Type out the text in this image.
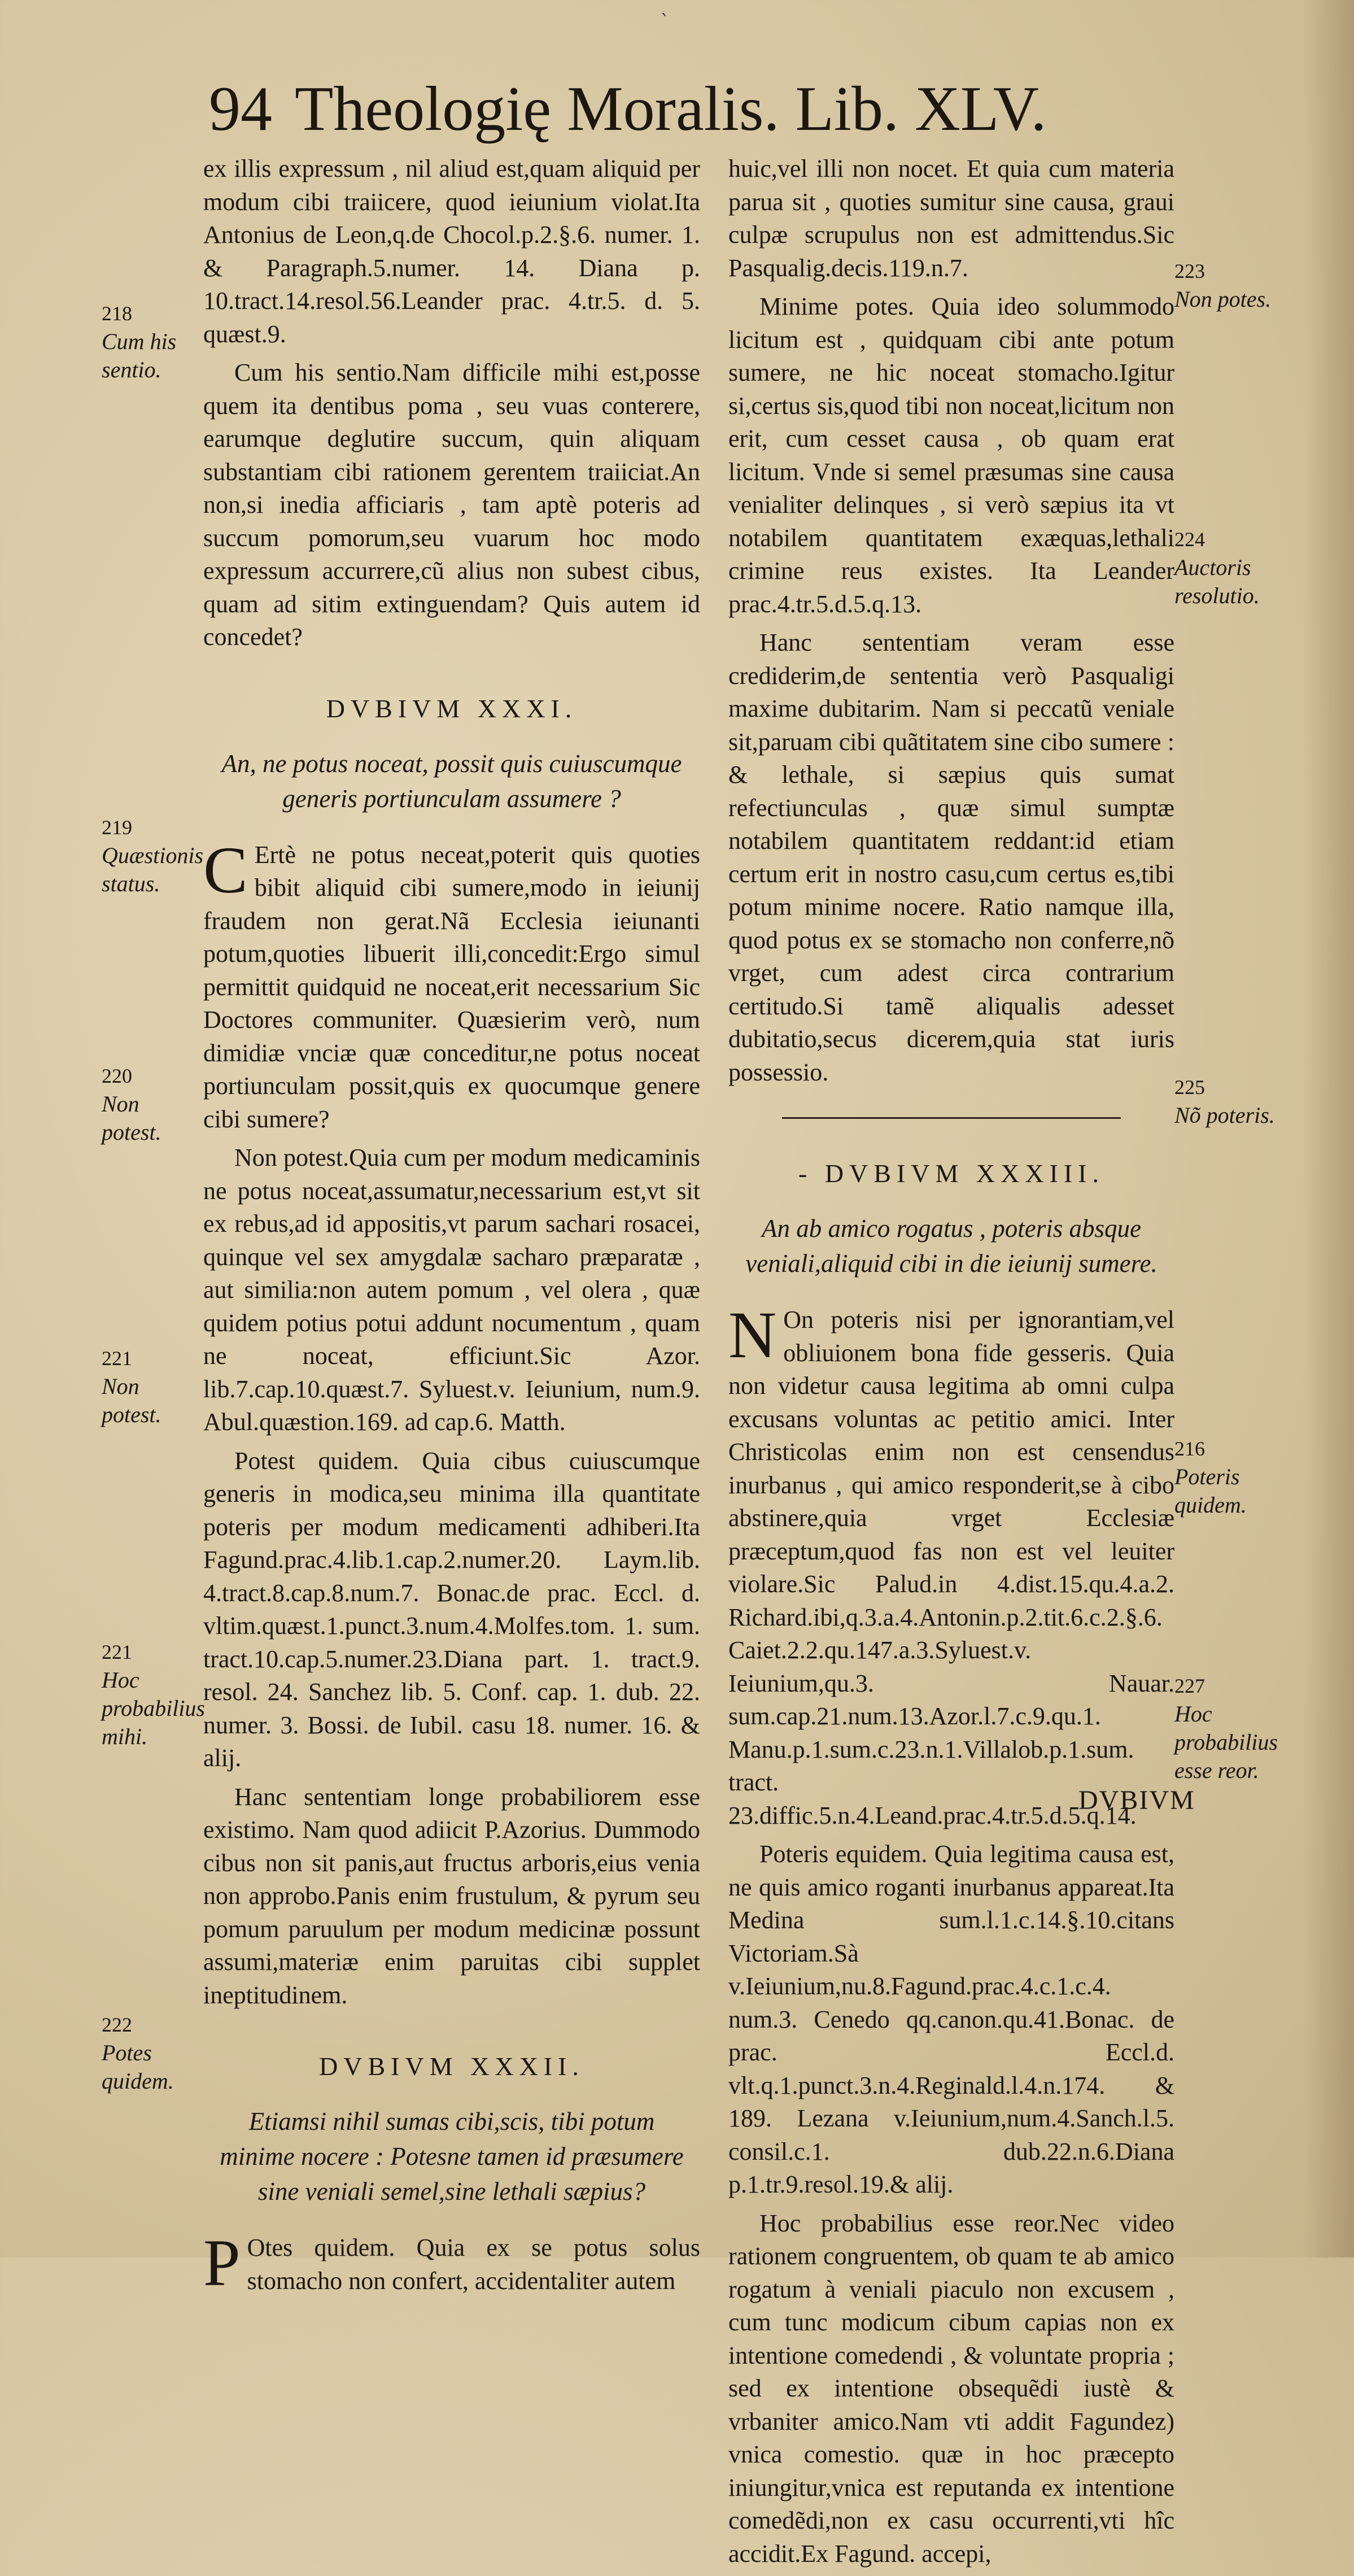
ˋ
94 Theologię Moralis. Lib. XLV.

ex illis expressum , nil aliud est,quam aliquid per modum cibi traiicere, quod ieiunium violat.Ita Antonius de Leon,q.de Chocol.p.2.§.6. numer. 1. & Paragraph.5.numer. 14. Diana p. 10.tract.14.resol.56.Leander prac. 4.tr.5. d. 5. quæst.9.

Cum his sentio.Nam difficile mihi est,posse quem ita dentibus poma , seu vuas conterere, earumque deglutire succum, quin aliquam substantiam cibi rationem gerentem traiiciat.An non,si inedia afficiaris , tam aptè poteris ad succum pomorum,seu vuarum hoc modo expressum accurrere,cũ alius non subest cibus, quam ad sitim extinguendam? Quis autem id concedet?

DVBIVM XXXI.
An, ne potus noceat, possit quis cuiuscumque generis portiunculam assumere ?

C Ertè ne potus neceat,poterit quis quoties bibit aliquid cibi sumere,modo in ieiunij fraudem non gerat.Nã Ecclesia ieiunanti potum,quoties libuerit illi,concedit:Ergo simul permittit quidquid ne noceat,erit necessarium Sic Doctores communiter. Quæsierim verò, num dimidiæ vnciæ quæ conceditur,ne potus noceat portiunculam possit,quis ex quocumque genere cibi sumere?

Non potest.Quia cum per modum medicaminis ne potus noceat,assumatur,necessarium est,vt sit ex rebus,ad id appositis,vt parum sachari rosacei, quinque vel sex amygdalæ sacharo præparatæ , aut similia:non autem pomum , vel olera , quæ quidem potius potui addunt nocumentum , quam ne noceat, efficiunt.Sic Azor. lib.7.cap.10.quæst.7. Syluest.v. Ieiunium, num.9. Abul.quæstion.169. ad cap.6. Matth.

Potest quidem. Quia cibus cuiuscumque generis in modica,seu minima illa quantitate poteris per modum medicamenti adhiberi.Ita Fagund.prac.4.lib.1.cap.2.numer.20. Laym.lib. 4.tract.8.cap.8.num.7. Bonac.de prac. Eccl. d. vltim.quæst.1.punct.3.num.4.Molfes.tom. 1. sum. tract.10.cap.5.numer.23.Diana part. 1. tract.9. resol. 24. Sanchez lib. 5. Conf. cap. 1. dub. 22. numer. 3. Bossi. de Iubil. casu 18. numer. 16. & alij.

Hanc sententiam longe probabiliorem esse existimo. Nam quod adiicit P.Azorius. Dummodo cibus non sit panis,aut fructus arboris,eius venia non approbo.Panis enim frustulum, & pyrum seu pomum paruulum per modum medicinæ possunt assumi,materiæ enim paruitas cibi supplet ineptitudinem.

DVBIVM XXXII.
Etiamsi nihil sumas cibi,scis, tibi potum minime nocere : Potesne tamen id præsumere sine veniali semel,sine lethali sæpius?

P Otes quidem. Quia ex se potus solus stomacho non confert, accidentaliter autem

huic,vel illi non nocet. Et quia cum materia parua sit , quoties sumitur sine causa, graui culpæ scrupulus non est admittendus.Sic Pasqualig.decis.119.n.7.

Minime potes. Quia ideo solummodo licitum est , quidquam cibi ante potum sumere, ne hic noceat stomacho.Igitur si,certus sis,quod tibi non noceat,licitum non erit, cum cesset causa , ob quam erat licitum. Vnde si semel præsumas sine causa venialiter delinques , si verò sæpius ita vt notabilem quantitatem exæquas,lethali crimine reus existes. Ita Leander prac.4.tr.5.d.5.q.13.

Hanc sententiam veram esse crediderim,de sententia verò Pasqualigi maxime dubitarim. Nam si peccatũ veniale sit,paruam cibi quãtitatem sine cibo sumere : & lethale, si sæpius quis sumat refectiunculas , quæ simul sumptæ notabilem quantitatem reddant:id etiam certum erit in nostro casu,cum certus es,tibi potum minime nocere. Ratio namque illa, quod potus ex se stomacho non conferre,nõ vrget, cum adest circa contrarium certitudo.Si tamẽ aliqualis adesset dubitatio,secus dicerem,quia stat iuris possessio.

- DVBIVM XXXIII.
An ab amico rogatus , poteris absque veniali,aliquid cibi in die ieiunij sumere.

N On poteris nisi per ignorantiam,vel obliuionem bona fide gesseris. Quia non videtur causa legitima ab omni culpa excusans voluntas ac petitio amici. Inter Christicolas enim non est censendus inurbanus , qui amico responderit,se à cibo abstinere,quia vrget Ecclesiæ præceptum,quod fas non est vel leuiter violare.Sic Palud.in 4.dist.15.qu.4.a.2. Richard.ibi,q.3.a.4.Antonin.p.2.tit.6.c.2.§.6. Caiet.2.2.qu.147.a.3.Syluest.v. Ieiunium,qu.3. Nauar. sum.cap.21.num.13.Azor.l.7.c.9.qu.1. Manu.p.1.sum.c.23.n.1.Villalob.p.1.sum. tract. 23.diffic.5.n.4.Leand.prac.4.tr.5.d.5.q.14.

Poteris equidem. Quia legitima causa est, ne quis amico roganti inurbanus appareat.Ita Medina sum.l.1.c.14.§.10.citans Victoriam.Sà v.Ieiunium,nu.8.Fagund.prac.4.c.1.c.4. num.3. Cenedo qq.canon.qu.41.Bonac. de prac. Eccl.d. vlt.q.1.punct.3.n.4.Reginald.l.4.n.174. & 189. Lezana v.Ieiunium,num.4.Sanch.l.5. consil.c.1. dub.22.n.6.Diana p.1.tr.9.resol.19.& alij.

Hoc probabilius esse reor.Nec video rationem congruentem, ob quam te ab amico rogatum à veniali piaculo non excusem , cum tunc modicum cibum capias non ex intentione comedendi , & voluntate propria ; sed ex intentione obsequẽdi iustè & vrbaniter amico.Nam vti addit Fagundez) vnica comestio. quæ in hoc præcepto iniungitur,vnica est reputanda ex intentione comedẽdi,non ex casu occurrenti,vti hîc accidit.Ex Fagund. accepi,

218
Cum his sentio.
219
Quæstionis status.
220
Non potest.
221
Non potest.
221
Hoc probabilius mihi.
222
Potes quidem.
223
Non potes.
224
Auctoris resolutio.
225
Nõ poteris.
216
Poteris quidem.
227
Hoc probabilius esse reor.
DVBIVM
